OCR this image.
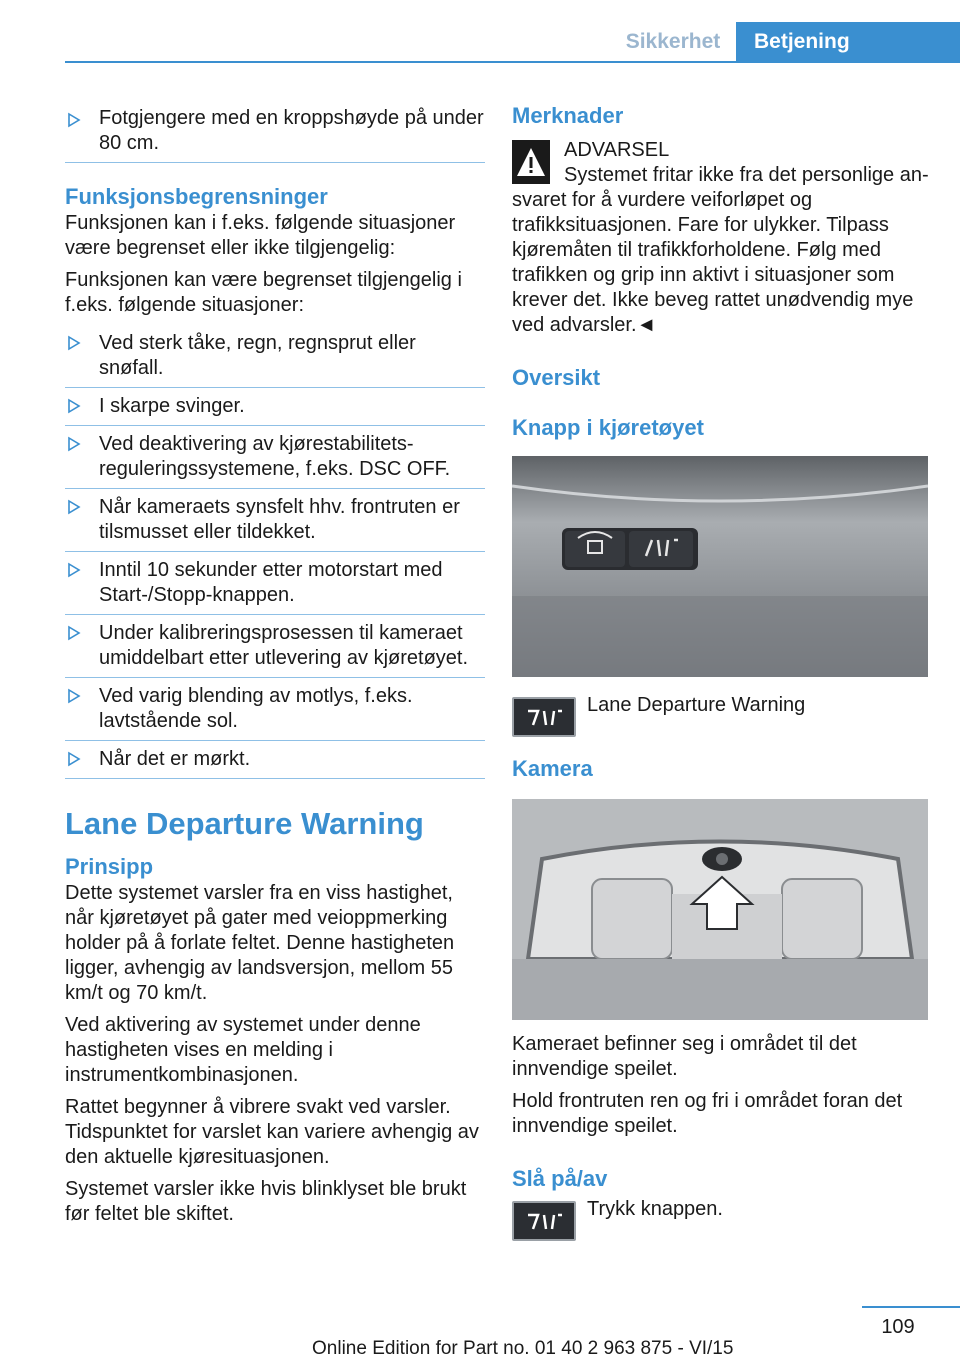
Sikkerhet	Betjening
Fotgjengere med en kroppshøyde på under 80 cm.
Funksjonsbegrensninger

Funksjonen kan i f.eks. følgende situasjoner være begrenset eller ikke tilgjengelig:

Funksjonen kan være begrenset tilgjengelig i f.eks. følgende situasjoner:

Ved sterk tåke, regn, regnsprut eller snøfall.
I skarpe svinger.
Ved deaktivering av kjørestabilitets-reguleringssystemene, f.eks. DSC OFF.
Når kameraets synsfelt hhv. frontruten er tilsmusset eller tildekket.
Inntil 10 sekunder etter motorstart med Start-/Stopp-knappen.
Under kalibreringsprosessen til kameraet umiddelbart etter utlevering av kjøretøyet.
Ved varig blending av motlys, f.eks. lavtstående sol.
Når det er mørkt.
Lane Departure Warning
Prinsipp

Dette systemet varsler fra en viss hastighet, når kjøretøyet på gater med veioppmerking holder på å forlate feltet. Denne hastigheten ligger, avhengig av landsversjon, mellom 55 km/t og 70 km/t.

Ved aktivering av systemet under denne hastigheten vises en melding i instrumentkombinasjonen.

Rattet begynner å vibrere svakt ved varsler. Tidspunktet for varslet kan variere avhengig av den aktuelle kjøresituasjonen.

Systemet varsler ikke hvis blinklyset ble brukt før feltet ble skiftet.

Merknader

ADVARSEL

Systemet fritar ikke fra det personlige an-

svaret for å vurdere veiforløpet og trafikksituasjonen. Fare for ulykker. Tilpass kjøremåten til trafikkforholdene. Følg med trafikken og grip inn aktivt i situasjoner som krever det. Ikke beveg rattet unødvendig mye ved advarsler.◄

Oversikt
Knapp i kjøretøyet
Lane Departure Warning
Kamera

Kameraet befinner seg i området til det innvendige speilet.

Hold frontruten ren og fri i området foran det innvendige speilet.

Slå på/av
Trykk knappen.
109
Online Edition for Part no. 01 40 2 963 875 - VI/15
